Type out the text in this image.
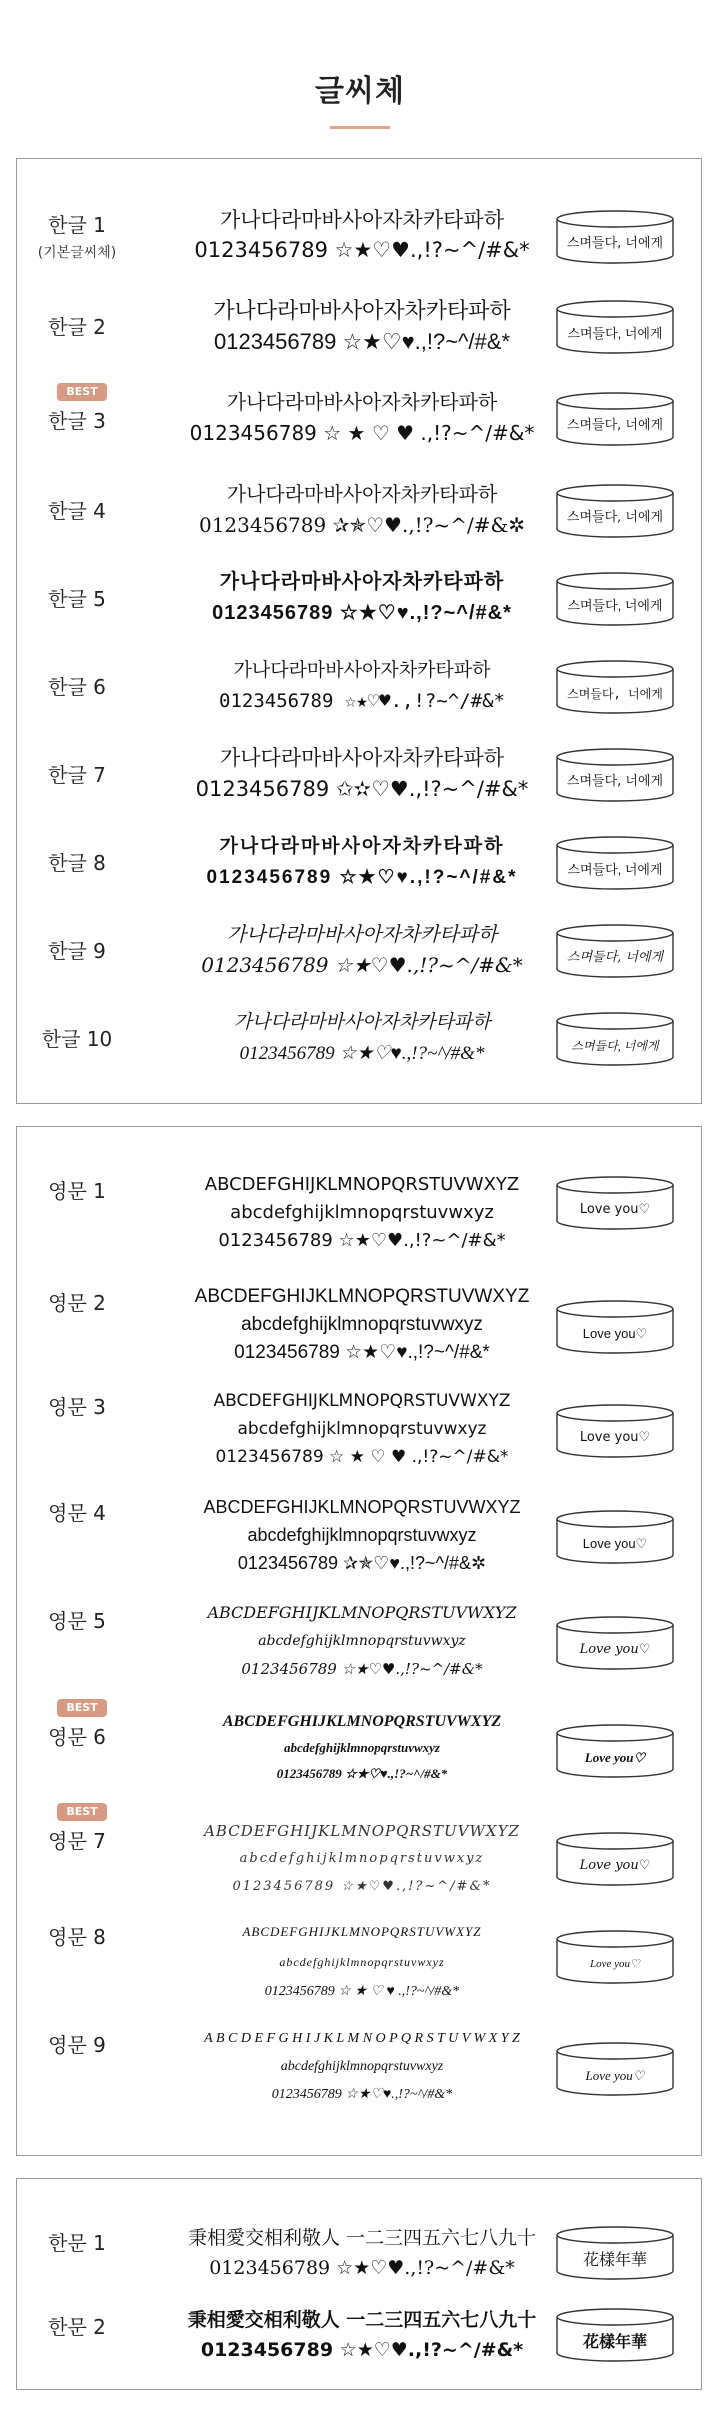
글씨체
한글 1
(기본글씨체)
가나다라마바사아자차카타파하
0123456789 ☆★♡♥.,!?~^/#&*	스며들다, 너에게
한글 2
가나다라마바사아자차카타파하
0123456789 ☆★♡♥.,!?~^/#&*	스며들다, 너에게
BEST
한글 3
가나다라마바사아자차카타파하
0123456789 ☆ ★ ♡ ♥ .,!?~^/#&*	스며들다, 너에게
한글 4
가나다라마바사아자차카타파하
0123456789 ✰✯♡♥.,!?~^/#&✲	스며들다, 너에게
한글 5
가나다라마바사아자차카타파하
0123456789 ☆★♡♥.,!?~^/#&*	스며들다, 너에게
한글 6
가나다라마바사아자차카타파하
0123456789 ☆★♡♥.,!?~^/#&*	스며들다, 너에게
한글 7
가나다라마바사아자차카타파하
0123456789 ✩✫♡♥.,!?~^/#&*	스며들다, 너에게
한글 8
가나다라마바사아자차카타파하
0123456789 ☆★♡♥.,!?~^/#&*	스며들다, 너에게
한글 9
가나다라마바사아자차카타파하
0123456789 ☆★♡♥.,!?~^/#&*	스며들다, 너에게
한글 10
가나다라마바사아자차카타파하
0123456789 ☆★♡♥.,!?~^/#&*	스며들다, 너에게
영문 1	ABCDEFGHIJKLMNOPQRSTUVWXYZ
abcdefghijklmnopqrstuvwxyz
0123456789 ☆★♡♥.,!?~^/#&*
Love you♡
영문 2	ABCDEFGHIJKLMNOPQRSTUVWXYZ
abcdefghijklmnopqrstuvwxyz
0123456789 ☆★♡♥.,!?~^/#&*
Love you♡
영문 3	ABCDEFGHIJKLMNOPQRSTUVWXYZ
abcdefghijklmnopqrstuvwxyz
0123456789 ☆ ★ ♡ ♥ .,!?~^/#&*
Love you♡
영문 4	ABCDEFGHIJKLMNOPQRSTUVWXYZ
abcdefghijklmnopqrstuvwxyz
0123456789 ✰✯♡♥.,!?~^/#&✲
Love you♡
영문 5	ABCDEFGHIJKLMNOPQRSTUVWXYZ
abcdefghijklmnopqrstuvwxyz
0123456789 ☆★♡♥.,!?~^/#&*
Love you♡
BEST
영문 6
ABCDEFGHIJKLMNOPQRSTUVWXYZ
abcdefghijklmnopqrstuvwxyz
0123456789 ☆★♡♥.,!?~^/#&*
Love you♡
BEST
영문 7	ABCDEFGHIJKLMNOPQRSTUVWXYZ
abcdefghijklmnopqrstuvwxyz
0123456789 ☆★♡♥.,!?~^/#&*
Love you♡
영문 8	ABCDEFGHIJKLMNOPQRSTUVWXYZ
abcdefghijklmnopqrstuvwxyz
0123456789 ☆ ★ ♡ ♥ .,!?~^/#&*
Love you♡
영문 9	A B C D E F G H I J K L M N O P Q R S T U V W X Y Z
abcdefghijklmnopqrstuvwxyz
0123456789 ☆★♡♥.,!?~^/#&*
Love you♡
한문 1	秉相愛交相利敬人 一二三四五六七八九十
0123456789 ☆★♡♥.,!?~^/#&*	花樣年華
한문 2	秉相愛交相利敬人 一二三四五六七八九十
0123456789 ☆★♡♥.,!?~^/#&*	花樣年華
